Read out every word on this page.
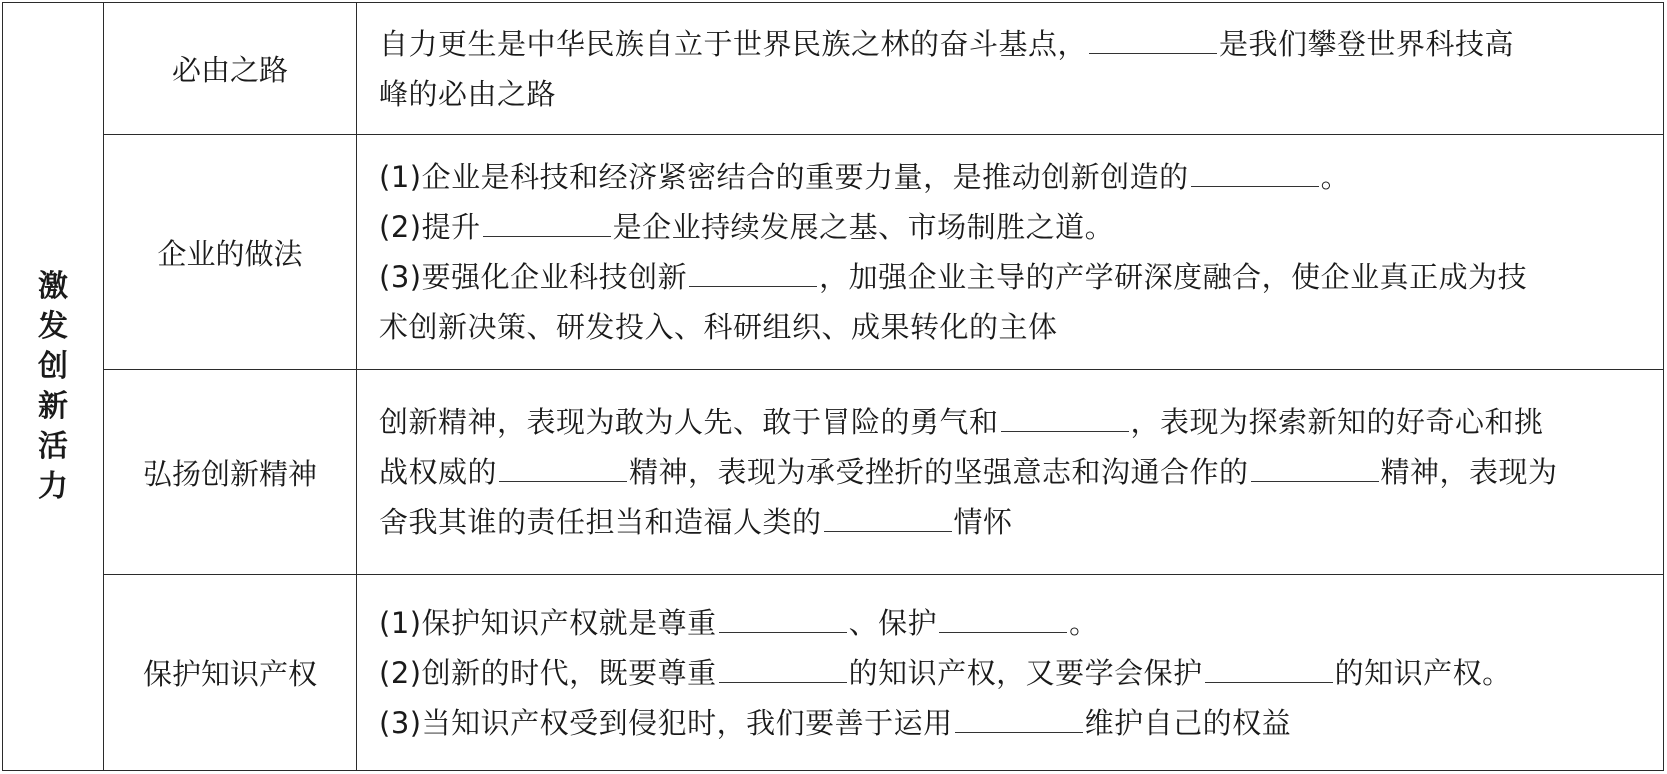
激发创新活力	必由之路	自力更生是中华民族自立于世界民族之林的奋斗基点， 是我们攀登世界科技高
峰的必由之路

	企业的做法	(1)企业是科技和经济紧密结合的重要力量，是推动创新创造的 。
(2)提升 是企业持续发展之基、市场制胜之道。
(3)要强化企业科技创新 ，加强企业主导的产学研深度融合，使企业真正成为技
术创新决策、研发投入、科研组织、成果转化的主体

	弘扬创新精神	创新精神，表现为敢为人先、敢于冒险的勇气和 ，表现为探索新知的好奇心和挑
战权威的 精神，表现为承受挫折的坚强意志和沟通合作的 精神，表现为
舍我其谁的责任担当和造福人类的 情怀

	保护知识产权	(1)保护知识产权就是尊重 、保护 。
(2)创新的时代，既要尊重 的知识产权，又要学会保护 的知识产权。
(3)当知识产权受到侵犯时，我们要善于运用 维护自己的权益
